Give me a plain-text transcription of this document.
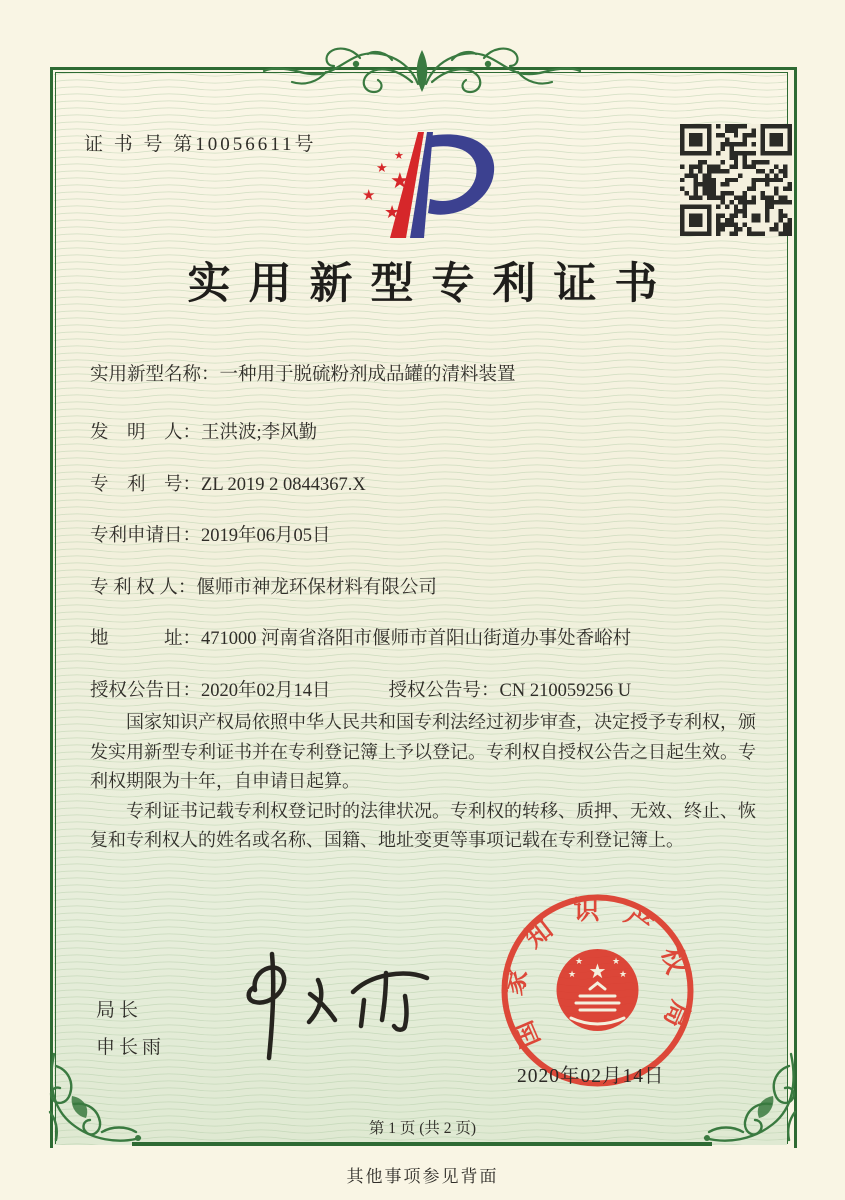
证 书 号 第10056611号
★
★
★
★
★
实用新型专利证书
实用新型名称： 一种用于脱硫粉剂成品罐的清料装置
发　明　人： 王洪波;李风勤
专　利　号： ZL 2019 2 0844367.X
专利申请日： 2019年06月05日
专 利 权 人： 偃师市神龙环保材料有限公司
地　　　址： 471000 河南省洛阳市偃师市首阳山街道办事处香峪村
授权公告日： 2020年02月14日	授权公告号： CN 210059256 U

国家知识产权局依照中华人民共和国专利法经过初步审查，决定授予专利权，颁发实用新型专利证书并在专利登记簿上予以登记。专利权自授权公告之日起生效。专利权期限为十年，自申请日起算。

专利证书记载专利权登记时的法律状况。专利权的转移、质押、无效、终止、恢复和专利权人的姓名或名称、国籍、地址变更等事项记载在专利登记簿上。

局长
申长雨	国家知识产权局
★
★	★
★	★
2020年02月14日
第 1 页 (共 2 页)
其他事项参见背面
